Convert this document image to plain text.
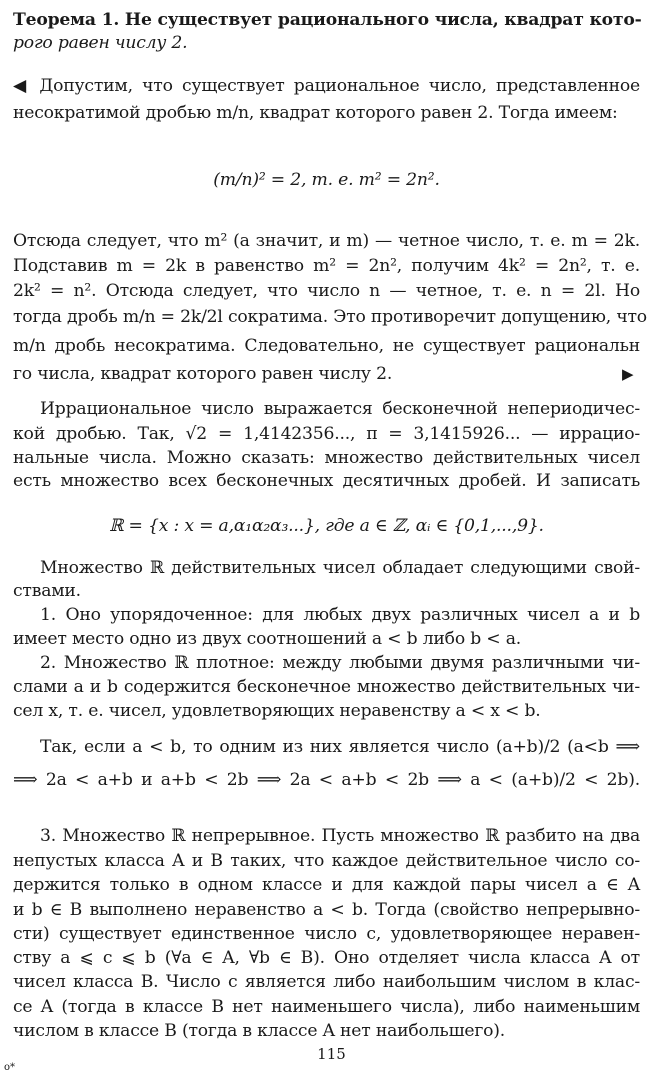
Теорема 1. Не существует рационального числа, квадрат кото-
рого равен числу 2.
◀ Допустим, что существует рациональное число, представленное
несократимой дробью m/n, квадрат которого равен 2. Тогда имеем:
(m/n)² = 2, т. е. m² = 2n².
Отсюда следует, что m² (а значит, и m) — четное число, т. е. m = 2k.
Подставив m = 2k в равенство m² = 2n², получим 4k² = 2n², т. е.
2k² = n². Отсюда следует, что число n — четное, т. е. n = 2l. Но
тогда дробь m/n = 2k/2l сократима. Это противоречит допущению, что
m/n дробь несократима. Следовательно, не существует рациональн
го числа, квадрат которого равен числу 2.	▶
Иррациональное число выражается бесконечной непериодичес-
кой дробью. Так, √2 = 1,4142356..., π = 3,1415926... — иррацио-
нальные числа. Можно сказать: множество действительных чисел
есть множество всех бесконечных десятичных дробей. И записать
ℝ = {x : x = a,α₁α₂α₃...}, где a ∈ ℤ, αᵢ ∈ {0,1,...,9}.
Множество ℝ действительных чисел обладает следующими свой-
ствами.
1. Оно упорядоченное: для любых двух различных чисел a и b
имеет место одно из двух соотношений a < b либо b < a.
2. Множество ℝ плотное: между любыми двумя различными чи-
слами a и b содержится бесконечное множество действительных чи-
сел x, т. е. чисел, удовлетворяющих неравенству a < x < b.
Так, если a < b, то одним из них является число (a+b)/2 (a<b ⟹
⟹ 2a < a+b и a+b < 2b ⟹ 2a < a+b < 2b ⟹ a < (a+b)/2 < 2b).
3. Множество ℝ непрерывное. Пусть множество ℝ разбито на два
непустых класса A и B таких, что каждое действительное число со-
держится только в одном классе и для каждой пары чисел a ∈ A
и b ∈ B выполнено неравенство a < b. Тогда (свойство непрерывно-
сти) существует единственное число c, удовлетворяющее нерaвен-
ству a ⩽ c ⩽ b (∀a ∈ A, ∀b ∈ B). Оно отделяет числа класса A от
чисел класса B. Число c является либо наибольшим числом в клас-
се A (тогда в классе B нет наименьшего числа), либо наименьшим
числом в классе B (тогда в классе A нет наибольшего).
115
о*
